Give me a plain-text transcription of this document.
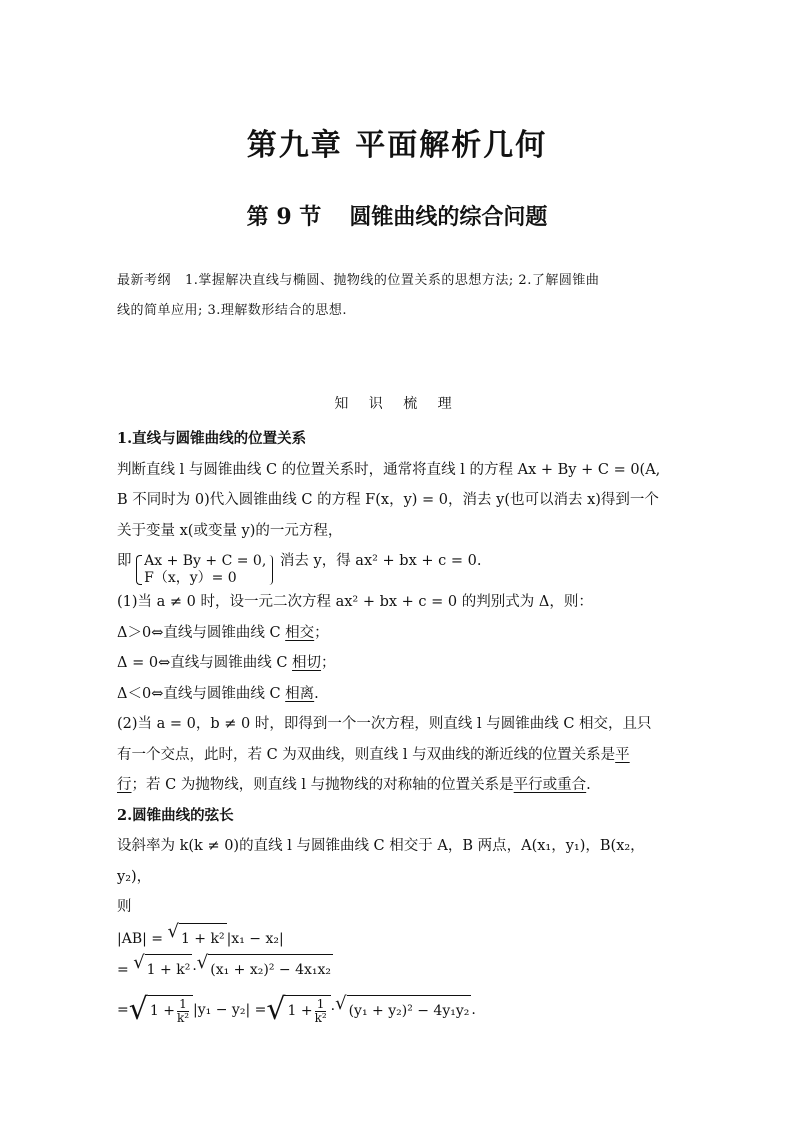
第九章 平面解析几何
第 9 节 圆锥曲线的综合问题
最新考纲 1.掌握解决直线与椭圆、抛物线的位置关系的思想方法; 2.了解圆锥曲
线的简单应用; 3.理解数形结合的思想.
知 识 梳 理

1.直线与圆锥曲线的位置关系

判断直线 l 与圆锥曲线 C 的位置关系时，通常将直线 l 的方程 Ax + By + C = 0(A,

B 不同时为 0)代入圆锥曲线 C 的方程 F(x，y) = 0，消去 y(也可以消去 x)得到一个

关于变量 x(或变量 y)的一元方程，

即 Ax + By + C = 0,
F（x，y）= 0
消去 y，得 ax² + bx + c = 0.

(1)当 a ≠ 0 时，设一元二次方程 ax² + bx + c = 0 的判别式为 Δ，则：

Δ＞0⇔直线与圆锥曲线 C 相交；

Δ = 0⇔直线与圆锥曲线 C 相切；

Δ＜0⇔直线与圆锥曲线 C 相离.

(2)当 a = 0，b ≠ 0 时，即得到一个一次方程，则直线 l 与圆锥曲线 C 相交，且只

有一个交点，此时，若 C 为双曲线，则直线 l 与双曲线的渐近线的位置关系是平

行；若 C 为抛物线，则直线 l 与抛物线的对称轴的位置关系是平行或重合.

2.圆锥曲线的弦长

设斜率为 k(k ≠ 0)的直线 l 与圆锥曲线 C 相交于 A，B 两点，A(x₁，y₁)，B(x₂，y₂)，

则

|AB| = √ 1 + k² |x₁ − x₂|
= √ 1 + k² · √ (x₁ + x₂)² − 4x₁x₂
= √ $1 + \frac{1}{\text{k²}} |y_1 - y_2|$ = √ $1 + \frac{1}{\text{k²}}$ · √ (y₁ + y₂)² − 4y₁y₂ .
